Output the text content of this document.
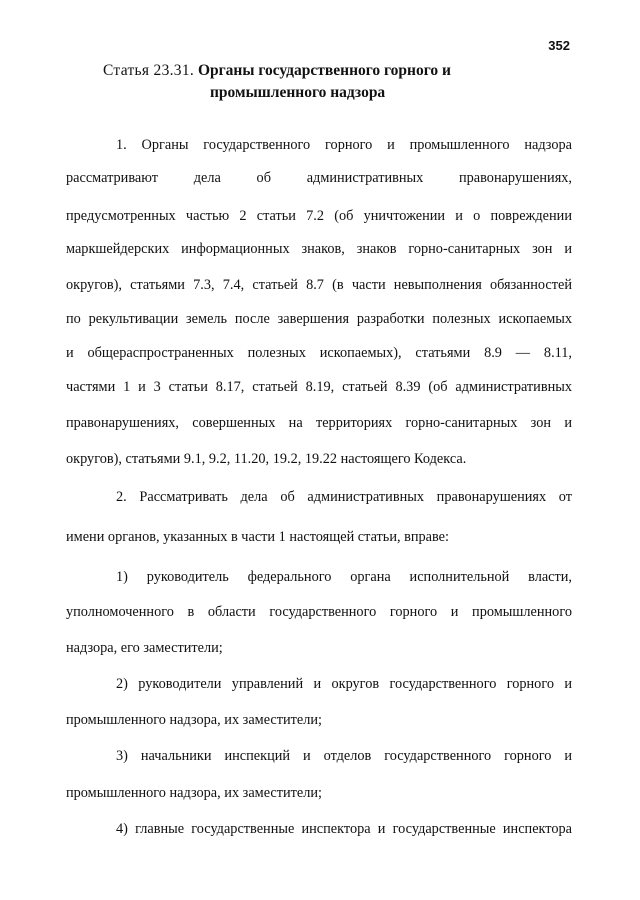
352
Статья 23.31. Органы государственного горного и
промышленного надзора
1. Органы государственного горного и промышленного надзора
рассматривают дела об административных правонарушениях,
предусмотренных частью 2 статьи 7.2 (об уничтожении и о повреждении
маркшейдерских информационных знаков, знаков горно-санитарных зон и
округов), статьями 7.3, 7.4, статьей 8.7 (в части невыполнения обязанностей
по рекультивации земель после завершения разработки полезных ископаемых
и общераспространенных полезных ископаемых), статьями 8.9 — 8.11,
частями 1 и 3 статьи 8.17, статьей 8.19, статьей 8.39 (об административных
правонарушениях, совершенных на территориях горно-санитарных зон и
округов), статьями 9.1, 9.2, 11.20, 19.2, 19.22 настоящего Кодекса.
2. Рассматривать дела об административных правонарушениях от
имени органов, указанных в части 1 настоящей статьи, вправе:
1) руководитель федерального органа исполнительной власти,
уполномоченного в области государственного горного и промышленного
надзора, его заместители;
2) руководители управлений и округов государственного горного и
промышленного надзора, их заместители;
3) начальники инспекций и отделов государственного горного и
промышленного надзора, их заместители;
4) главные государственные инспектора и государственные инспектора
